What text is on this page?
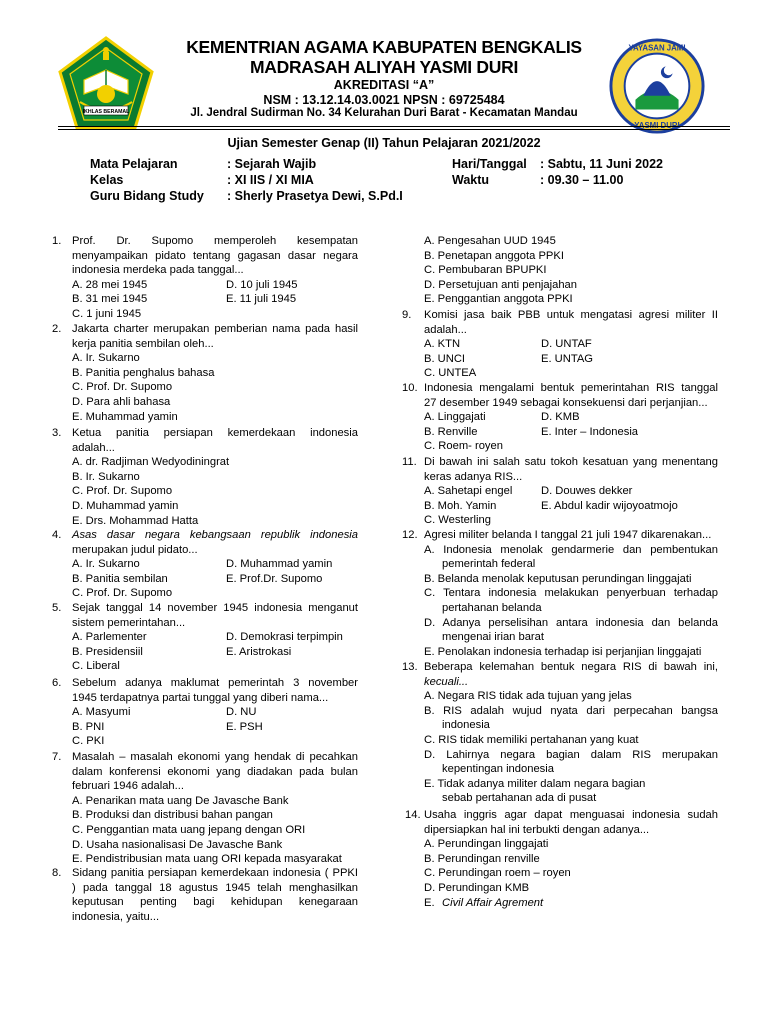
IKHLAS BERAMAL
YAYASAN JAMI
YASMI DURI
KEMENTRIAN AGAMA KABUPATEN BENGKALIS
MADRASAH ALIYAH YASMI DURI
AKREDITASI “A”
NSM : 13.12.14.03.0021 NPSN : 69725484
Jl. Jendral Sudirman No. 34 Kelurahan Duri Barat - Kecamatan Mandau
Ujian Semester Genap (II) Tahun Pelajaran 2021/2022
Mata Pelajaran	: Sejarah Wajib
Kelas	: XI IIS / XI MIA
Guru Bidang Study : Sherly Prasetya Dewi, S.Pd.I
Hari/Tanggal : Sabtu, 11 Juni 2022
Waktu	: 09.30 – 11.00
1. Prof. Dr. Supomo memperoleh kesempatan
menyampaikan pidato tentang gagasan dasar negara
indonesia merdeka pada tanggal...
A. 28 mei 1945	D. 10 juli 1945
B. 31 mei 1945	E. 11 juli 1945
C. 1 juni 1945
2. Jakarta charter merupakan pemberian nama pada hasil
kerja panitia sembilan oleh...
A. Ir. Sukarno
B. Panitia penghalus bahasa
C. Prof. Dr. Supomo
D. Para ahli bahasa
E. Muhammad yamin
3. Ketua panitia persiapan kemerdekaan indonesia
adalah...
A. dr. Radjiman Wedyodiningrat
B. Ir. Sukarno
C. Prof. Dr. Supomo
D. Muhammad yamin
E. Drs. Mohammad Hatta
4. Asas dasar negara kebangsaan republik indonesia
merupakan judul pidato...
A. Ir. Sukarno	D. Muhammad yamin
B. Panitia sembilan	E. Prof.Dr. Supomo
C. Prof. Dr. Supomo
5. Sejak tanggal 14 november 1945 indonesia menganut
sistem pemerintahan...
A. Parlementer	D. Demokrasi terpimpin
B. Presidensiil	E. Aristrokasi
C. Liberal
6. Sebelum adanya maklumat pemerintah 3 november
1945 terdapatnya partai tunggal yang diberi nama...
A. Masyumi	D. NU
B. PNI	E. PSH
C. PKI
7. Masalah – masalah ekonomi yang hendak di pecahkan
dalam konferensi ekonomi yang diadakan pada bulan
februari 1946 adalah...
A. Penarikan mata uang De Javasche Bank
B. Produksi dan distribusi bahan pangan
C. Penggantian mata uang jepang dengan ORI
D. Usaha nasionalisasi De Javasche Bank
E. Pendistribusian mata uang ORI kepada masyarakat
8. Sidang panitia persiapan kemerdekaan indonesia ( PPKI
) pada tanggal 18 agustus 1945 telah menghasilkan
keputusan penting bagi kehidupan kenegaraan
indonesia, yaitu...
A. Pengesahan UUD 1945
B. Penetapan anggota PPKI
C. Pembubaran BPUPKI
D. Persetujuan anti penjajahan
E. Penggantian anggota PPKI
9.	Komisi jasa baik PBB untuk mengatasi agresi militer II
adalah...
A. KTN	D. UNTAF
B. UNCI	E. UNTAG
C. UNTEA
10. Indonesia mengalami bentuk pemerintahan RIS tanggal
27 desember 1949 sebagai konsekuensi dari perjanjian...
A. Linggajati	D. KMB
B. Renville	E. Inter – Indonesia
C. Roem- royen
11. Di bawah ini salah satu tokoh kesatuan yang menentang
keras adanya RIS...
A. Sahetapi engel	D. Douwes dekker
B. Moh. Yamin	E. Abdul kadir wijoyoatmojo
C. Westerling
12. Agresi militer belanda I tanggal 21 juli 1947 dikarenakan...
A. Indonesia menolak gendarmerie dan pembentukan
pemerintah federal
B. Belanda menolak keputusan perundingan linggajati
C. Tentara indonesia melakukan penyerbuan terhadap
pertahanan belanda
D. Adanya perselisihan antara indonesia dan belanda
mengenai irian barat
E. Penolakan indonesia terhadap isi perjanjian linggajati
13. Beberapa kelemahan bentuk negara RIS di bawah ini,
kecuali...
A. Negara RIS tidak ada tujuan yang jelas
B. RIS adalah wujud nyata dari perpecahan bangsa
indonesia
C. RIS tidak memiliki pertahanan yang kuat
D. Lahirnya negara bagian dalam RIS merupakan
kepentingan indonesia
E. Tidak adanya militer dalam negara bagian
sebab pertahanan ada di pusat
14. Usaha inggris agar dapat menguasai indonesia sudah
dipersiapkan hal ini terbukti dengan adanya...
A. Perundingan linggajati
B. Perundingan renville
C. Perundingan roem – royen
D. Perundingan KMB
E. Civil Affair Agrement
